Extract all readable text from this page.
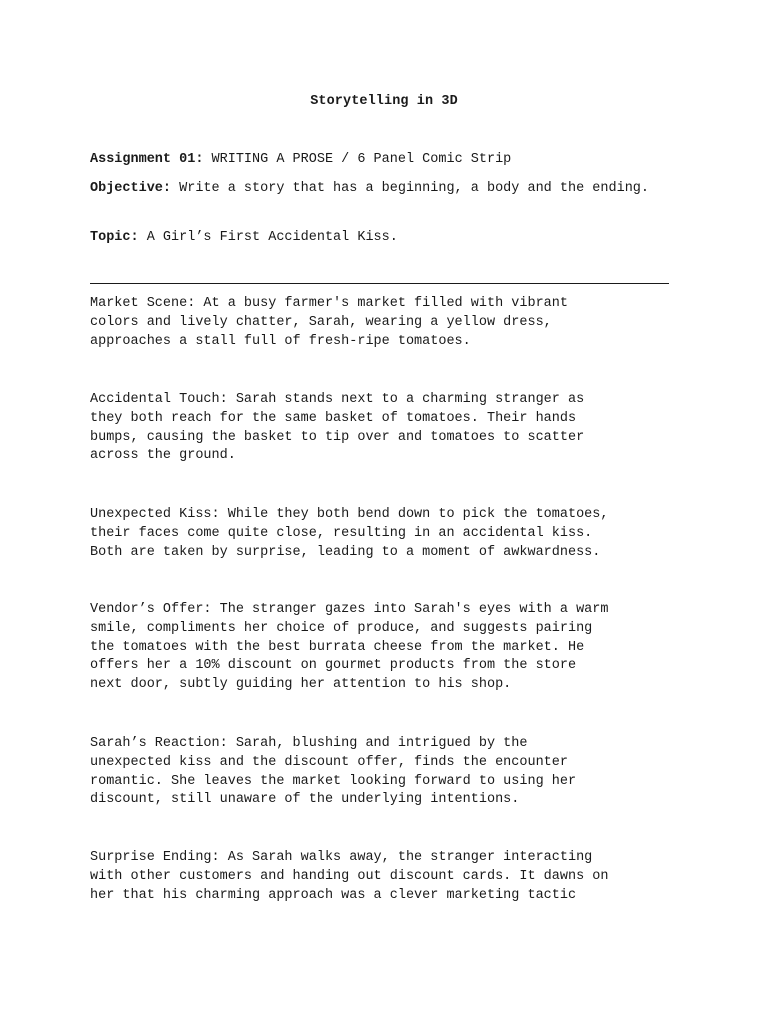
Storytelling in 3D
Assignment 01: WRITING A PROSE / 6 Panel Comic Strip
Objective: Write a story that has a beginning, a body and the ending.
Topic: A Girl’s First Accidental Kiss.
Market Scene: At a busy farmer's market filled with vibrant
colors and lively chatter, Sarah, wearing a yellow dress,
approaches a stall full of fresh-ripe tomatoes.
Accidental Touch: Sarah stands next to a charming stranger as
they both reach for the same basket of tomatoes. Their hands
bumps, causing the basket to tip over and tomatoes to scatter
across the ground.
Unexpected Kiss: While they both bend down to pick the tomatoes,
their faces come quite close, resulting in an accidental kiss.
Both are taken by surprise, leading to a moment of awkwardness.
Vendor’s Offer: The stranger gazes into Sarah's eyes with a warm
smile, compliments her choice of produce, and suggests pairing
the tomatoes with the best burrata cheese from the market. He
offers her a 10% discount on gourmet products from the store
next door, subtly guiding her attention to his shop.
Sarah’s Reaction: Sarah, blushing and intrigued by the
unexpected kiss and the discount offer, finds the encounter
romantic. She leaves the market looking forward to using her
discount, still unaware of the underlying intentions.
Surprise Ending: As Sarah walks away, the stranger interacting
with other customers and handing out discount cards. It dawns on
her that his charming approach was a clever marketing tactic
